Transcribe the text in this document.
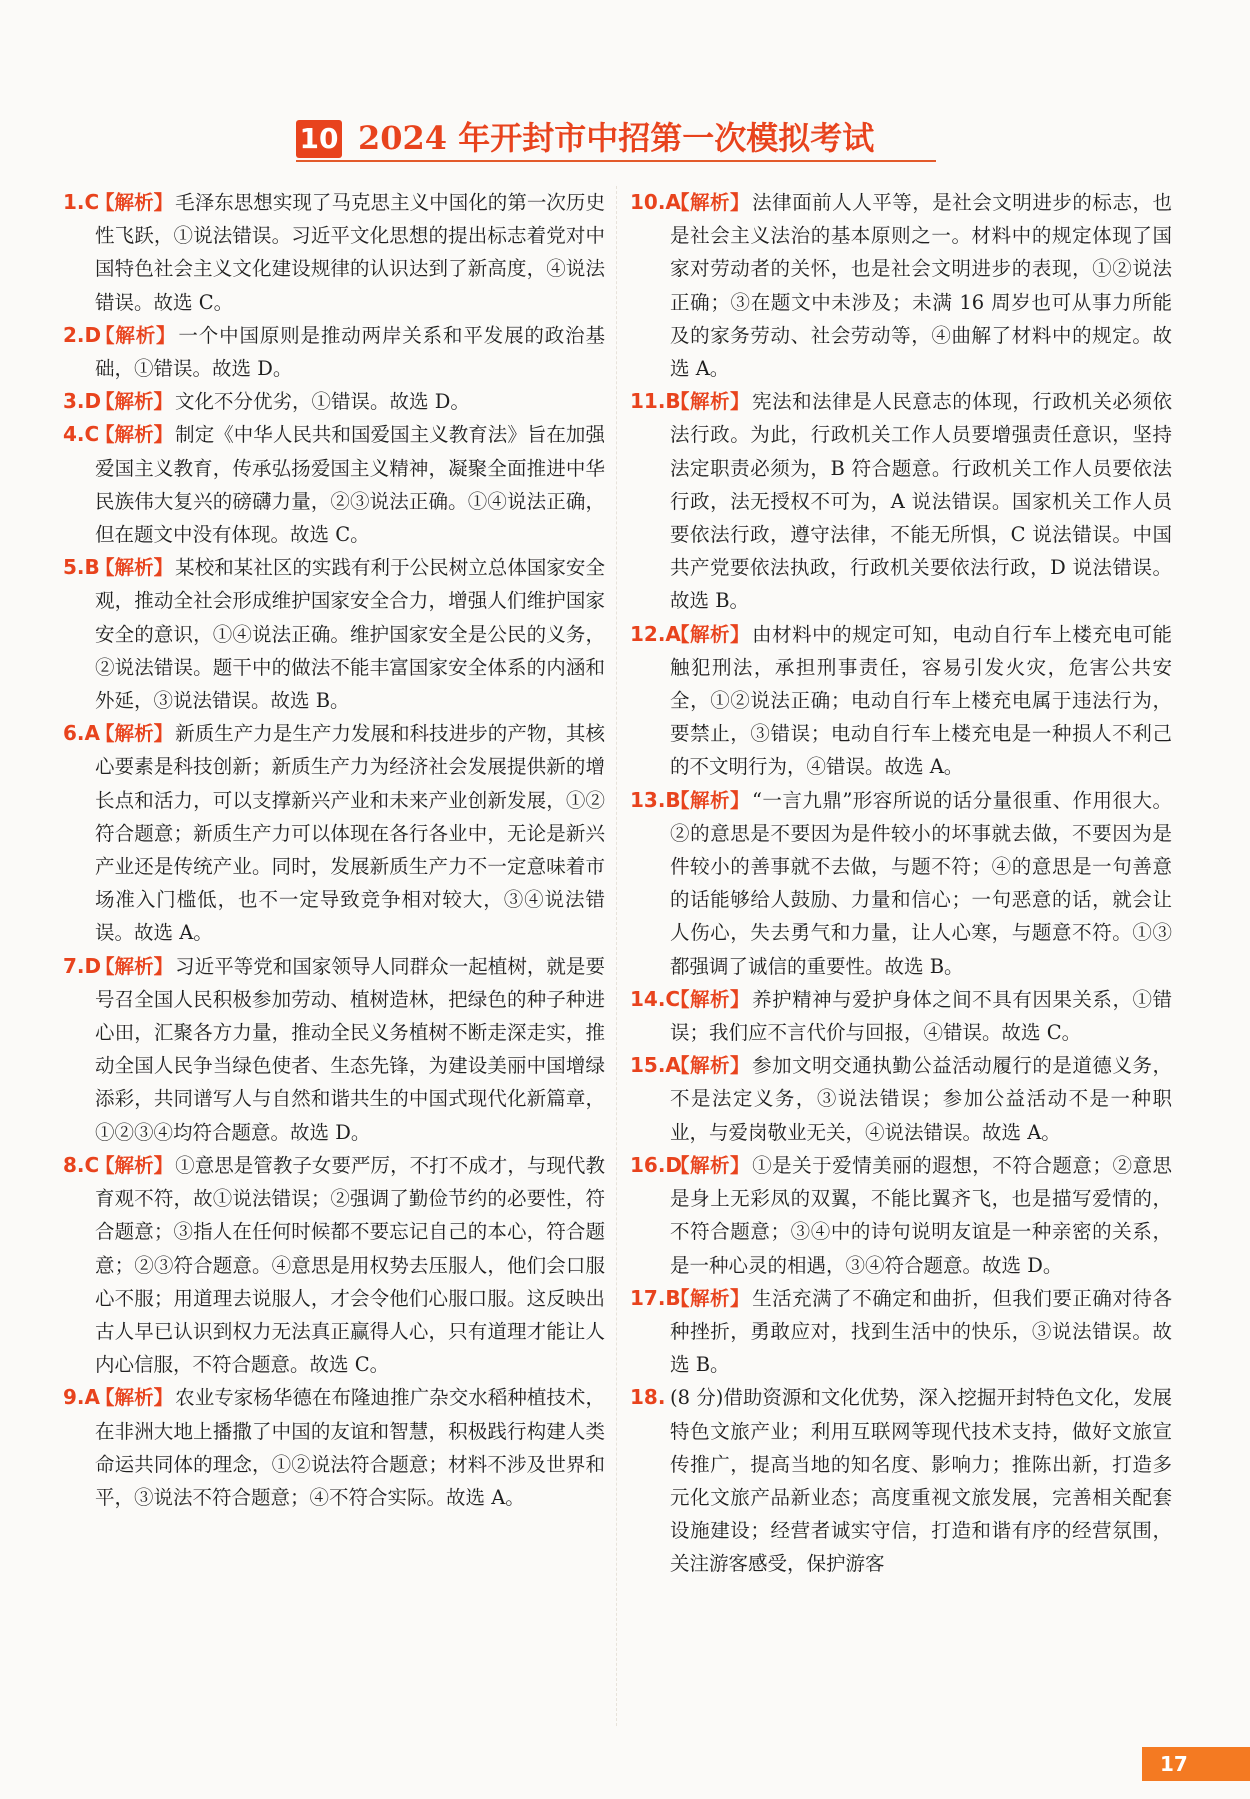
10 2024 年开封市中招第一次模拟考试

1.C
【解析】 毛泽东思想实现了马克思主义中国化的第一次历史性飞跃，①说法错误。习近平文化思想的提出标志着党对中国特色社会主义文化建设规律的认识达到了新高度，④说法错误。故选 C。

2.D
【解析】 一个中国原则是推动两岸关系和平发展的政治基础，①错误。故选 D。

3.D
【解析】 文化不分优劣，①错误。故选 D。

4.C
【解析】 制定《中华人民共和国爱国主义教育法》旨在加强爱国主义教育，传承弘扬爱国主义精神，凝聚全面推进中华民族伟大复兴的磅礴力量，②③说法正确。①④说法正确，但在题文中没有体现。故选 C。

5.B
【解析】 某校和某社区的实践有利于公民树立总体国家安全观，推动全社会形成维护国家安全合力，增强人们维护国家安全的意识，①④说法正确。维护国家安全是公民的义务，②说法错误。题干中的做法不能丰富国家安全体系的内涵和外延，③说法错误。故选 B。

6.A
【解析】 新质生产力是生产力发展和科技进步的产物，其核心要素是科技创新；新质生产力为经济社会发展提供新的增长点和活力，可以支撑新兴产业和未来产业创新发展，①②符合题意；新质生产力可以体现在各行各业中，无论是新兴产业还是传统产业。同时，发展新质生产力不一定意味着市场准入门槛低，也不一定导致竞争相对较大，③④说法错误。故选 A。

7.D
【解析】 习近平等党和国家领导人同群众一起植树，就是要号召全国人民积极参加劳动、植树造林，把绿色的种子种进心田，汇聚各方力量，推动全民义务植树不断走深走实，推动全国人民争当绿色使者、生态先锋，为建设美丽中国增绿添彩，共同谱写人与自然和谐共生的中国式现代化新篇章，①②③④均符合题意。故选 D。

8.C
【解析】 ①意思是管教子女要严厉，不打不成才，与现代教育观不符，故①说法错误；②强调了勤俭节约的必要性，符合题意；③指人在任何时候都不要忘记自己的本心，符合题意；②③符合题意。④意思是用权势去压服人，他们会口服心不服；用道理去说服人，才会令他们心服口服。这反映出古人早已认识到权力无法真正赢得人心，只有道理才能让人内心信服，不符合题意。故选 C。

9.A
【解析】 农业专家杨华德在布隆迪推广杂交水稻种植技术，在非洲大地上播撒了中国的友谊和智慧，积极践行构建人类命运共同体的理念，①②说法符合题意；材料不涉及世界和平，③说法不符合题意；④不符合实际。故选 A。

10.A
【解析】 法律面前人人平等，是社会文明进步的标志，也是社会主义法治的基本原则之一。材料中的规定体现了国家对劳动者的关怀，也是社会文明进步的表现，①②说法正确；③在题文中未涉及；未满 16 周岁也可从事力所能及的家务劳动、社会劳动等，④曲解了材料中的规定。故选 A。

11.B
【解析】 宪法和法律是人民意志的体现，行政机关必须依法行政。为此，行政机关工作人员要增强责任意识，坚持法定职责必须为，B 符合题意。行政机关工作人员要依法行政，法无授权不可为，A 说法错误。国家机关工作人员要依法行政，遵守法律，不能无所惧，C 说法错误。中国共产党要依法执政，行政机关要依法行政，D 说法错误。故选 B。

12.A
【解析】 由材料中的规定可知，电动自行车上楼充电可能触犯刑法，承担刑事责任，容易引发火灾，危害公共安全，①②说法正确；电动自行车上楼充电属于违法行为，要禁止，③错误；电动自行车上楼充电是一种损人不利己的不文明行为，④错误。故选 A。

13.B
【解析】 “一言九鼎”形容所说的话分量很重、作用很大。②的意思是不要因为是件较小的坏事就去做，不要因为是件较小的善事就不去做，与题不符；④的意思是一句善意的话能够给人鼓励、力量和信心；一句恶意的话，就会让人伤心，失去勇气和力量，让人心寒，与题意不符。①③都强调了诚信的重要性。故选 B。

14.C
【解析】 养护精神与爱护身体之间不具有因果关系，①错误；我们应不言代价与回报，④错误。故选 C。

15.A
【解析】 参加文明交通执勤公益活动履行的是道德义务，不是法定义务，③说法错误；参加公益活动不是一种职业，与爱岗敬业无关，④说法错误。故选 A。

16.D
【解析】 ①是关于爱情美丽的遐想，不符合题意；②意思是身上无彩凤的双翼，不能比翼齐飞，也是描写爱情的，不符合题意；③④中的诗句说明友谊是一种亲密的关系，是一种心灵的相遇，③④符合题意。故选 D。

17.B
【解析】 生活充满了不确定和曲折，但我们要正确对待各种挫折，勇敢应对，找到生活中的快乐，③说法错误。故选 B。

18. (8 分)借助资源和文化优势，深入挖掘开封特色文化，发展特色文旅产业；利用互联网等现代技术支持，做好文旅宣传推广，提高当地的知名度、影响力；推陈出新，打造多元化文旅产品新业态；高度重视文旅发展，完善相关配套设施建设；经营者诚实守信，打造和谐有序的经营氛围，关注游客感受，保护游客

17
